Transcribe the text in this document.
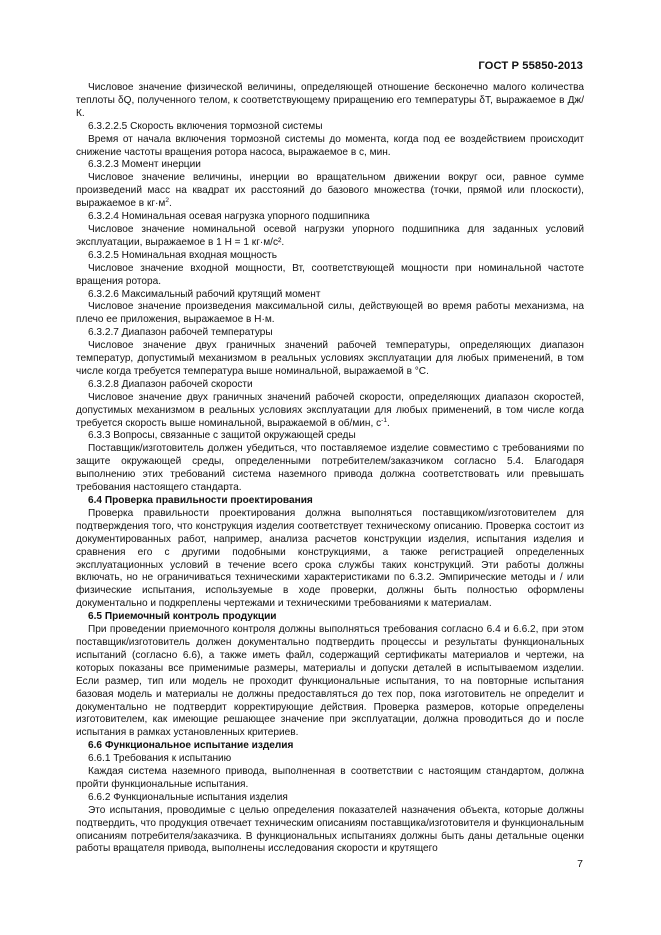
ГОСТ Р 55850-2013

Числовое значение физической величины, определяющей отношение бесконечно малого количества теплоты δQ, полученного телом, к соответствующему приращению его температуры δT, выражаемое в Дж/К.

6.3.2.2.5 Скорость включения тормозной системы

Время от начала включения тормозной системы до момента, когда под ее воздействием происходит снижение частоты вращения ротора насоса, выражаемое в с, мин.

6.3.2.3 Момент инерции

Числовое значение величины, инерции во вращательном движении вокруг оси, равное сумме произведений масс на квадрат их расстояний до базового множества (точки, прямой или плоскости), выражаемое в $кг\cdot м^2$.

6.3.2.4 Номинальная осевая нагрузка упорного подшипника

Числовое значение номинальной осевой нагрузки упорного подшипника для заданных условий эксплуатации, выражаемое в 1 Н = 1 кг·м/с².

6.3.2.5 Номинальная входная мощность

Числовое значение входной мощности, Вт, соответствующей мощности при номинальной частоте вращения ротора.

6.3.2.6 Максимальный рабочий крутящий момент

Числовое значение произведения максимальной силы, действующей во время работы механизма, на плечо ее приложения, выражаемое в Н·м.

6.3.2.7 Диапазон рабочей температуры

Числовое значение двух граничных значений рабочей температуры, определяющих диапазон температур, допустимый механизмом в реальных условиях эксплуатации для любых применений, в том числе когда требуется температура выше номинальной, выражаемой в °С.

6.3.2.8 Диапазон рабочей скорости

Числовое значение двух граничных значений рабочей скорости, определяющих диапазон скоростей, допустимых механизмом в реальных условиях эксплуатации для любых применений, в том числе когда требуется скорость выше номинальной, выражаемой в об/мин, $с^{-1}$.

6.3.3 Вопросы, связанные с защитой окружающей среды

Поставщик/изготовитель должен убедиться, что поставляемое изделие совместимо с требованиями по защите окружающей среды, определенными потребителем/заказчиком согласно 5.4. Благодаря выполнению этих требований система наземного привода должна соответствовать или превышать требования настоящего стандарта.

6.4 Проверка правильности проектирования

Проверка правильности проектирования должна выполняться поставщиком/изготовителем для подтверждения того, что конструкция изделия соответствует техническому описанию. Проверка состоит из документированных работ, например, анализа расчетов конструкции изделия, испытания изделия и сравнения его с другими подобными конструкциями, а также регистрацией определенных эксплуатационных условий в течение всего срока службы таких конструкций. Эти работы должны включать, но не ограничиваться техническими характеристиками по 6.3.2. Эмпирические методы и / или физические испытания, используемые в ходе проверки, должны быть полностью оформлены документально и подкреплены чертежами и техническими требованиями к материалам.

6.5 Приемочный контроль продукции

При проведении приемочного контроля должны выполняться требования согласно 6.4 и 6.6.2, при этом поставщик/изготовитель должен документально подтвердить процессы и результаты функциональных испытаний (согласно 6.6), а также иметь файл, содержащий сертификаты материалов и чертежи, на которых показаны все применимые размеры, материалы и допуски деталей в испытываемом изделии. Если размер, тип или модель не проходит функциональные испытания, то на повторные испытания базовая модель и материалы не должны предоставляться до тех пор, пока изготовитель не определит и документально не подтвердит корректирующие действия. Проверка размеров, которые определены изготовителем, как имеющие решающее значение при эксплуатации, должна проводиться до и после испытания в рамках установленных критериев.

6.6 Функциональное испытание изделия

6.6.1 Требования к испытанию

Каждая система наземного привода, выполненная в соответствии с настоящим стандартом, должна пройти функциональные испытания.

6.6.2 Функциональные испытания изделия

Это испытания, проводимые с целью определения показателей назначения объекта, которые должны подтвердить, что продукция отвечает техническим описаниям поставщика/изготовителя и функциональным описаниям потребителя/заказчика. В функциональных испытаниях должны быть даны детальные оценки работы вращателя привода, выполнены исследования скорости и крутящего

7
